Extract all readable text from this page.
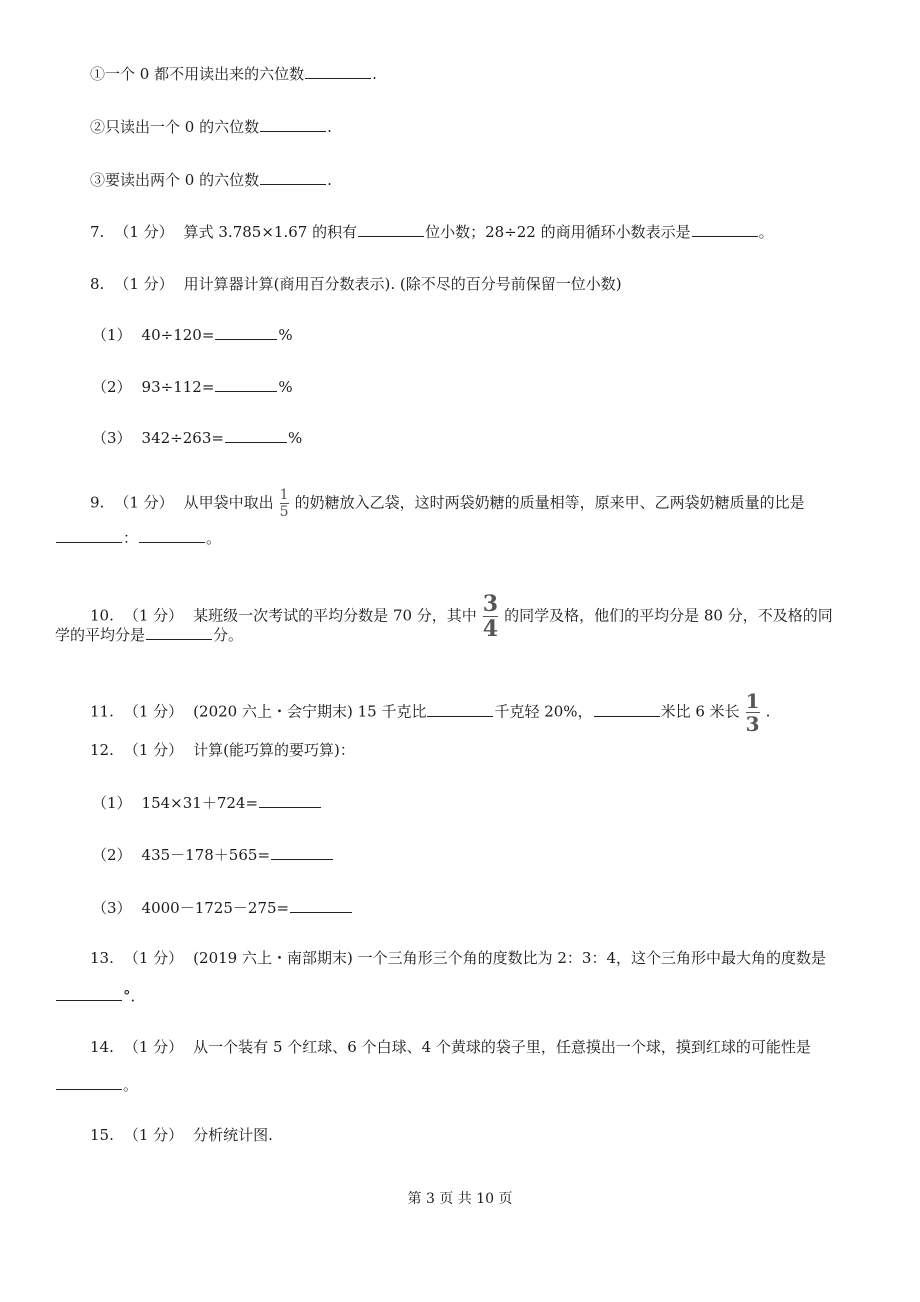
①一个 0 都不用读出来的六位数	.
②只读出一个 0 的六位数	.
③要读出两个 0 的六位数	.
7. （1 分） 算式 3.785×1.67 的积有	位小数；28÷22 的商用循环小数表示是	。
8. （1 分） 用计算器计算(商用百分数表示). (除不尽的百分号前保留一位小数)
（1） 40÷120=	%
（2） 93÷112=	%
（3） 342÷263=	%
9. （1 分） 从甲袋中取出 $\frac{1}{5}$ 的奶糖放入乙袋，这时两袋奶糖的质量相等，原来甲、乙两袋奶糖质量的比是
：	。
10. （1 分） 某班级一次考试的平均分数是 70 分，其中 $\frac{3}{4}$ 的同学及格，他们的平均分是 80 分，不及格的同
学的平均分是	分。
11. （1 分） (2020 六上・会宁期末) 15 千克比	千克轻 20%，	米比 6 米长 $\frac{1}{3}$ .
12. （1 分） 计算(能巧算的要巧算)：
（1） 154×31＋724=
（2） 435－178＋565=
（3） 4000－1725－275=
13. （1 分） (2019 六上・南部期末) 一个三角形三个角的度数比为 2：3：4，这个三角形中最大角的度数是
°．
14. （1 分） 从一个装有 5 个红球、6 个白球、4 个黄球的袋子里，任意摸出一个球，摸到红球的可能性是
。
15. （1 分） 分析统计图.
第 3 页 共 10 页
